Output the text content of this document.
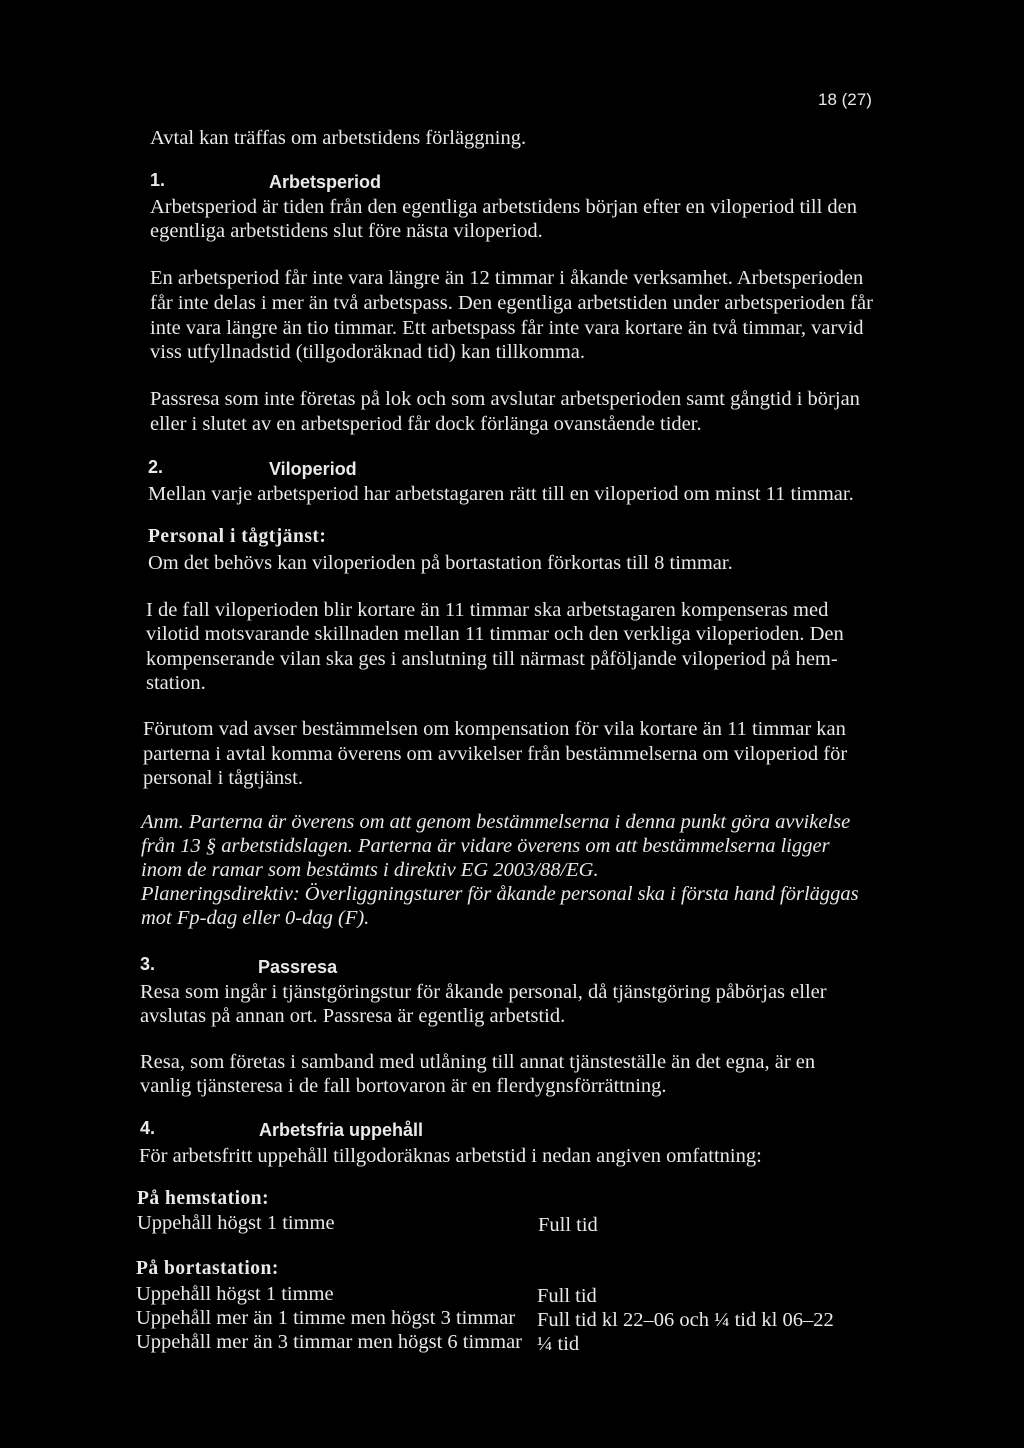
18 (27)
Avtal kan träffas om arbetstidens förläggning.
1.	Arbetsperiod
Arbetsperiod är tiden från den egentliga arbetstidens början efter en viloperiod till den
egentliga arbetstidens slut före nästa viloperiod.
En arbetsperiod får inte vara längre än 12 timmar i åkande verksamhet. Arbetsperioden
får inte delas i mer än två arbetspass. Den egentliga arbetstiden under arbetsperioden får
inte vara längre än tio timmar. Ett arbetspass får inte vara kortare än två timmar, varvid
viss utfyllnadstid (tillgodoräknad tid) kan tillkomma.
Passresa som inte företas på lok och som avslutar arbetsperioden samt gångtid i början
eller i slutet av en arbetsperiod får dock förlänga ovanstående tider.
2.	Viloperiod
Mellan varje arbetsperiod har arbetstagaren rätt till en viloperiod om minst 11 timmar.
Personal i tågtjänst:
Om det behövs kan viloperioden på bortastation förkortas till 8 timmar.
I de fall viloperioden blir kortare än 11 timmar ska arbetstagaren kompenseras med
vilotid motsvarande skillnaden mellan 11 timmar och den verkliga viloperioden. Den
kompenserande vilan ska ges i anslutning till närmast påföljande viloperiod på hem-
station.
Förutom vad avser bestämmelsen om kompensation för vila kortare än 11 timmar kan
parterna i avtal komma överens om avvikelser från bestämmelserna om viloperiod för
personal i tågtjänst.
Anm. Parterna är överens om att genom bestämmelserna i denna punkt göra avvikelse
från 13 § arbetstidslagen. Parterna är vidare överens om att bestämmelserna ligger
inom de ramar som bestämts i direktiv EG 2003/88/EG.
Planeringsdirektiv: Överliggningsturer för åkande personal ska i första hand förläggas
mot Fp-dag eller 0-dag (F).
3.	Passresa
Resa som ingår i tjänstgöringstur för åkande personal, då tjänstgöring påbörjas eller
avslutas på annan ort. Passresa är egentlig arbetstid.
Resa, som företas i samband med utlåning till annat tjänsteställe än det egna, är en
vanlig tjänsteresa i de fall bortovaron är en flerdygnsförrättning.
4.	Arbetsfria uppehåll
För arbetsfritt uppehåll tillgodoräknas arbetstid i nedan angiven omfattning:
På hemstation:
Uppehåll högst 1 timme	Full tid
På bortastation:
Uppehåll högst 1 timme	Full tid
Uppehåll mer än 1 timme men högst 3 timmar Full tid kl 22–06 och ¼ tid kl 06–22
Uppehåll mer än 3 timmar men högst 6 timmar ¼ tid
